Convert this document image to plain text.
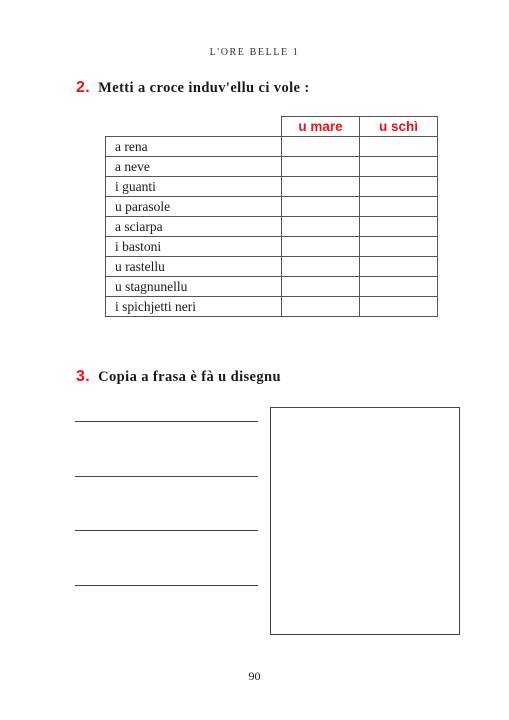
L'ORE BELLE 1
2. Metti a croce induv'ellu ci vole :
	u mare	u schì
a rena		
a neve		
i guanti		
u parasole		
a sciarpa		
i bastoni		
u rastellu		
u stagnunellu		
i spichjetti neri		
3. Copia a frasa è fà u disegnu
90
